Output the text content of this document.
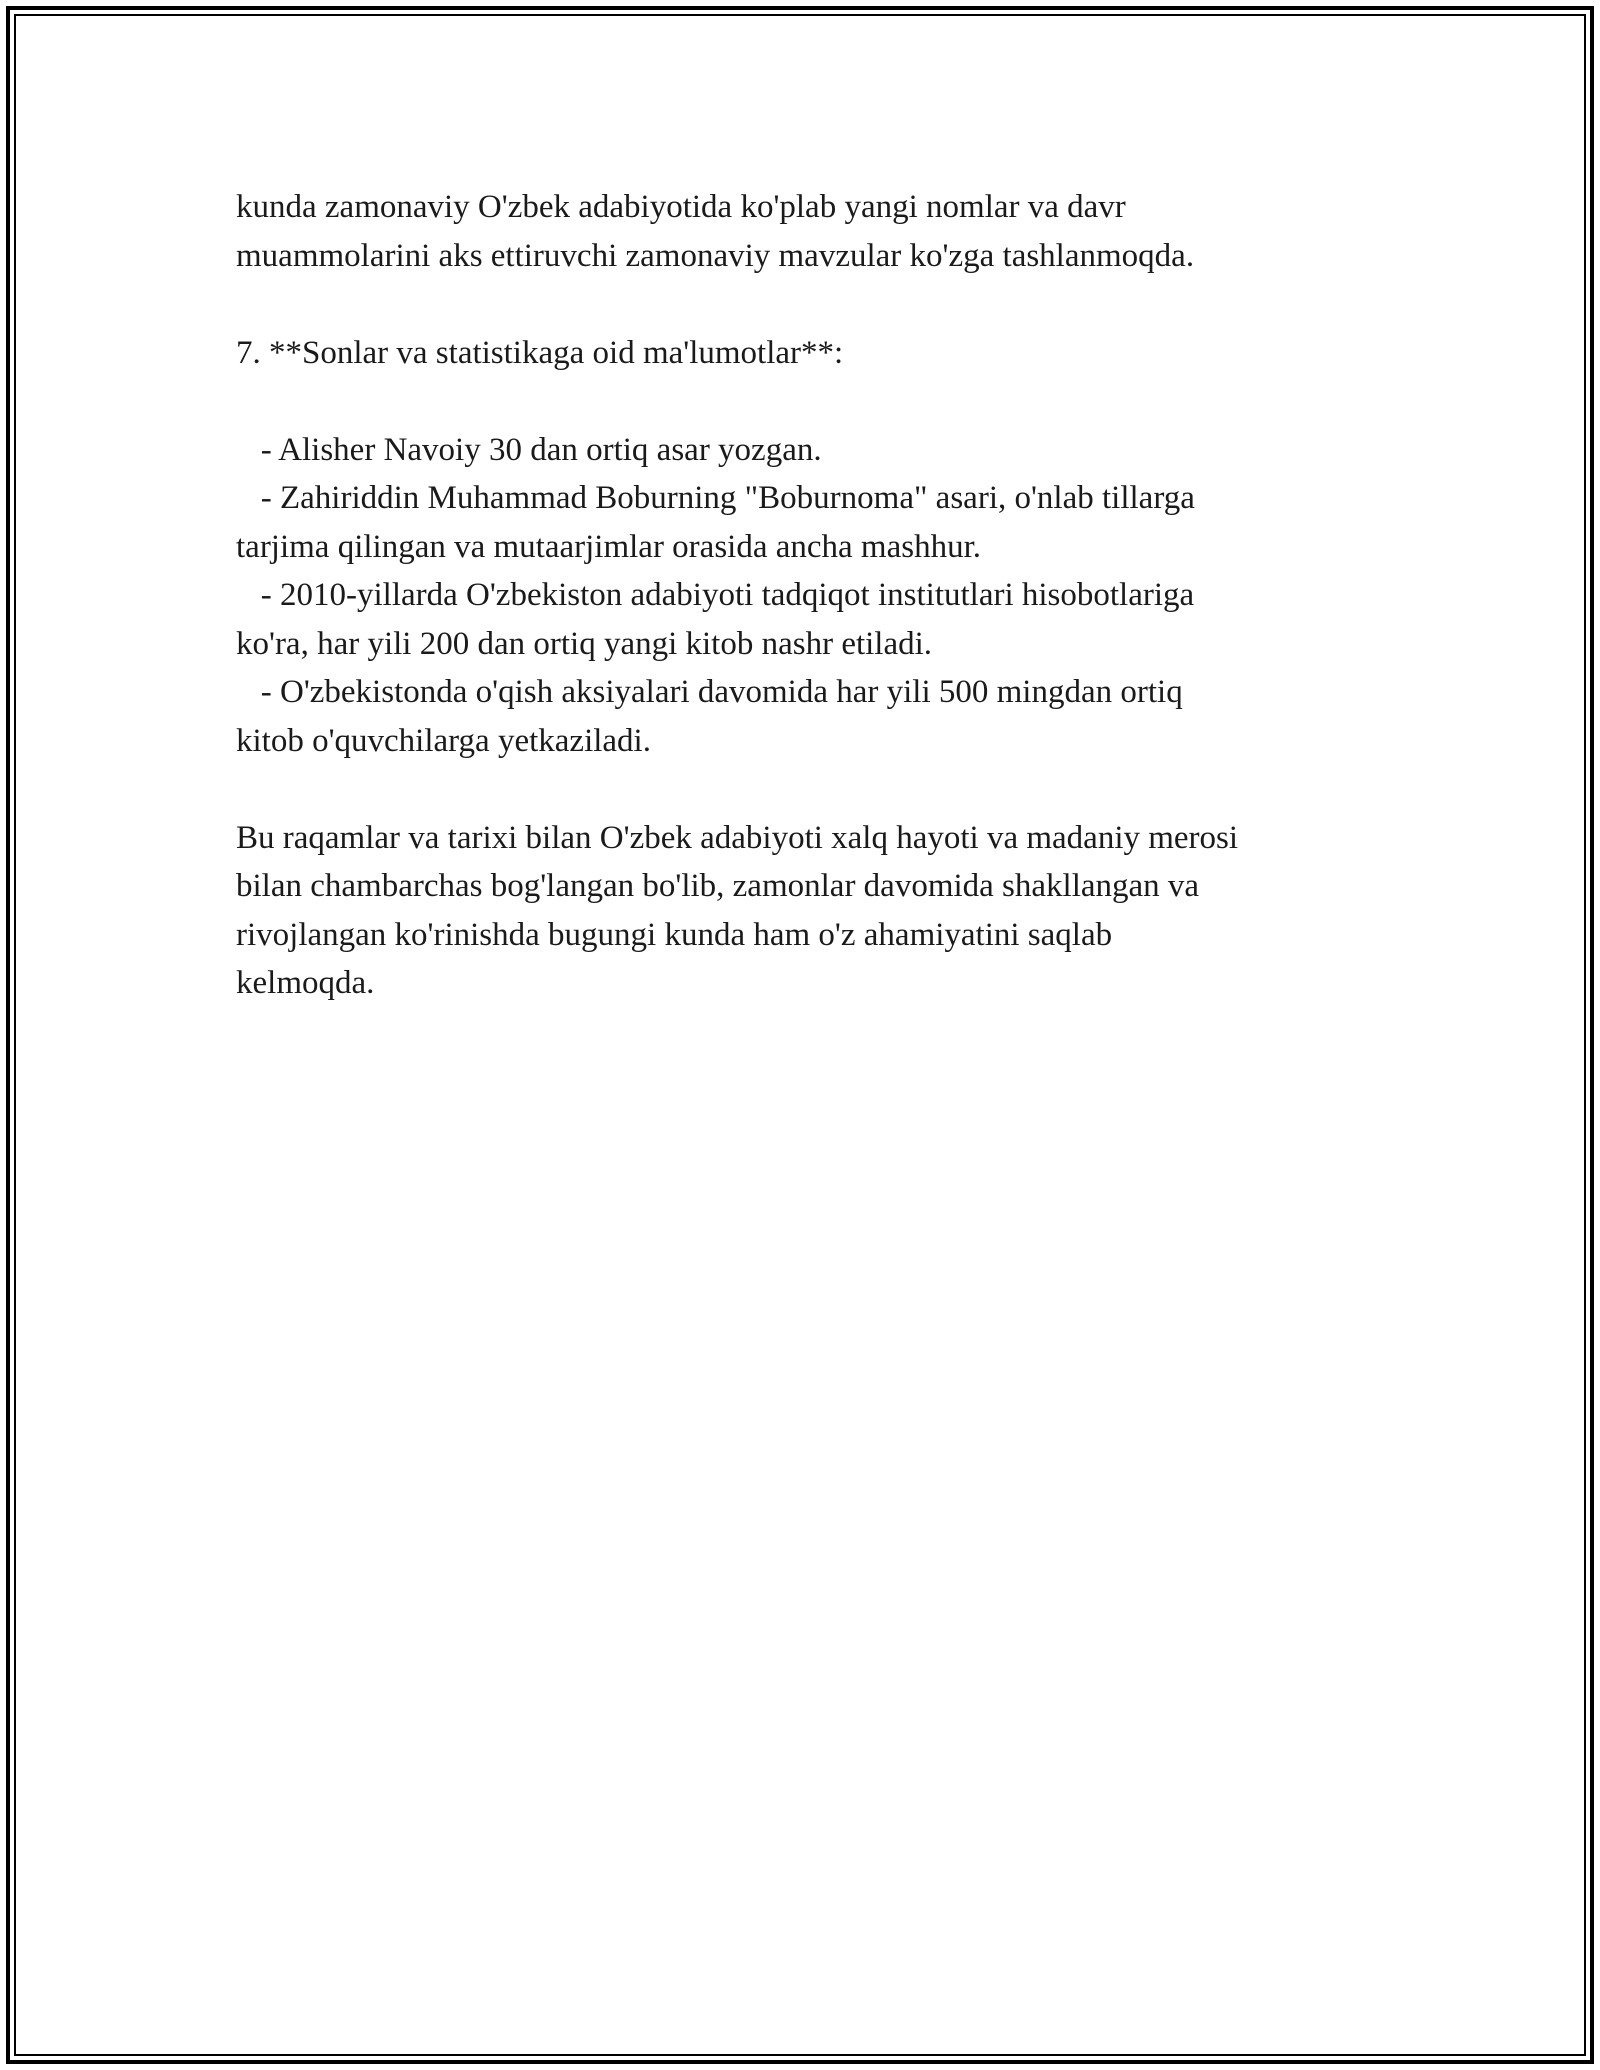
kunda zamonaviy O'zbek adabiyotida ko'plab yangi nomlar va davr
muammolarini aks ettiruvchi zamonaviy mavzular ko'zga tashlanmoqda.

7. **Sonlar va statistikaga oid ma'lumotlar**:

- Alisher Navoiy 30 dan ortiq asar yozgan.
- Zahiriddin Muhammad Boburning "Boburnoma" asari, o'nlab tillarga
tarjima qilingan va mutaarjimlar orasida ancha mashhur.
- 2010-yillarda O'zbekiston adabiyoti tadqiqot institutlari hisobotlariga
ko'ra, har yili 200 dan ortiq yangi kitob nashr etiladi.
- O'zbekistonda o'qish aksiyalari davomida har yili 500 mingdan ortiq
kitob o'quvchilarga yetkaziladi.

Bu raqamlar va tarixi bilan O'zbek adabiyoti xalq hayoti va madaniy merosi
bilan chambarchas bog'langan bo'lib, zamonlar davomida shakllangan va
rivojlangan ko'rinishda bugungi kunda ham o'z ahamiyatini saqlab
kelmoqda.
